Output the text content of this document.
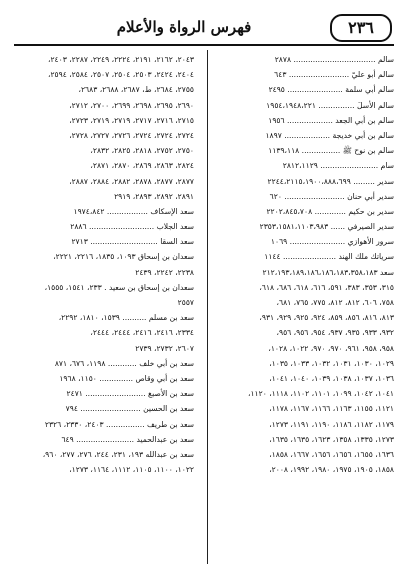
٢٣٦
فهرس الرواة والأعلام
سالم .................................. ٢٨٧٨
سالم أبو عليّ ......................... ٦٤٣
سالم أبي سلمة ....................... ٢٤٩٥
سالم الأسلَ ............... ١٩٥٤،١٩٤٨،٢٢١
سالم بن أبي الجعد ................... ١٩٥٦
سالم بن أبي خديجة ................... ١٨٩٧
سالم بن نوح ﷺ ................ ١١٣٩،١١٨
سام ........................ ٢٨١٢،١١٢٩
سدير ......... ٢٢٤٤،٢١١٥،١٩٠٠،٨٨٨،٦٩٩
سدير أبي حنان ......................... ٦٢٠
سدير بن حكيم ............. ٢٢٠٢،٨٤٥،٧٠٨
سدير الصيرفي ...... ٢٣٥٣،١٥٨١،١١٠٣،٩٨٣
سرور الأهوازي ....................... ١٠٦٩
سرياتك ملك الهند ...................... ١١٤٤
سعد ٢١٢،١٩٣،١٨٩،١٨٦،١٨٦،١٨٣،٣٥٨،١٨٣
٣١٥، ٣٥٣، ٣٨٣، ٥٩١، ٦١٦، ٦١٨، ٦٨٦، ٦١٨،
٧٥٨، ٦٠٦، ٨١٢، ٨١٢، ٧٧٥، ٧٦٥، ٦٨١،
٨١٣، ٨١٦، ٨٥٦، ٨٥٩، ٩٢٤، ٩٢٥، ٩٢٩، ٩٣١،
٩٣٢، ٩٣٣، ٩٣٥، ٩٣٧، ٩٥٤، ٩٥٦، ٩٥٦،
٩٥٨، ٩٥٨، ٩٦١، ٩٧٠، ٩٧٠، ١٠٢٢، ١٠٢٨،
١٠٢٩، ١٠٣٠، ١٠٣١، ١٠٣٢، ١٠٣٣، ١٠٣٥،
١٠٣٦، ١٠٣٧، ١٠٣٨، ١٠٣٩، ١٠٤٠، ١٠٤١،
١٠٤١، ١٠٤٢، ١٠٩٩، ١١٠١، ١١٠٢، ١١١٨، ١١٢٠،
١١٢١، ١١٥٥، ١١٦٣، ١١٦٦، ١١٦٧، ١١٧٨،
١١٧٩، ١١٨٢، ١١٨٦، ١١٩٠، ١١٩١، ١٢٧٣،
١٢٧٣، ١٣٣٥، ١٣٥٨، ١٦٢٣، ١٦٣٥، ١٦٣٥،
١٦٣٦، ١٦٥٥، ١٦٥٦، ١٦٥٦، ١٦٦٧، ١٨٥٨،
١٨٥٨، ١٩٠٥، ١٩٧٥، ١٩٨٠، ١٩٩٢، ٢٠٠٨،
٢٠٤٣، ٢١٦٢، ٢١٩١، ٢٢٢٤، ٢٢٤٩، ٢٢٨٧، ٢٤٠٣،
٢٤٠٤، ٢٤٢٤، ٢٥٠٣، ٢٥٠٤، ٢٥٠٧، ٢٥٨٤، ٢٥٩٤،
٢٧٥٥، ٢٦٨٤، ط، ٢٦٨٧، ٢٦٨٨، ٢٦٨٣،
٢٦٩٠، ٢٦٩٥، ٢٦٩٨، ٢٦٩٩، ٢٧٠٠، ٢٧١٢،
٢٧١٥، ٢٧١٦، ٢٧١٧، ٢٧١٩، ٢٧١٩، ٢٧٢٣،
٢٧٢٤، ٢٧٢٤، ٢٧٢٤، ٢٧٢٦، ٢٧٢٧، ٢٧٢٨،
٢٧٥٠، ٢٧٥٢، ٢٨١٨، ٢٨٢٥، ٢٨٣٢،
٢٨٢٤، ٢٨٦٣، ٢٨٦٩، ٢٨٧٠، ٢٨٧١،
٢٨٧٧، ٢٨٧٧، ٢٨٧٨، ٢٨٨٢، ٢٨٨٤، ٢٨٨٧،
٢٨٩١، ٢٨٩٢، ٢٨٩٣، ٢٩١٩
سعد الإسكاف ................. ١٩٧٤،٨٤٢
سعد الجلاب ........................... ٢٨٨٦
سعد السقا ............................ ٢٧١٣
سعدان بن إسحاق ١٠٩٣، ١٨٣٥، ٢٢١٦، ٢٢٢١،
٢٢٣٨، ٢٢٤٢، ٢٤٣٩
سعدان بن إسحاق بن سعيد . ٢٣٣، ١٥٤١، ١٥٥٥،
٢٥٥٧
سعد بن مسلم .......... ١٥٣٩، ١٨١٠، ٢٢٩٢،
٢٣٣٤، ٢٤١٦، ٢٤١٦، ٢٤٤٤، ٢٤٤٤،
٢٦٠٧، ٢٧٣٢، ٢٧٣٩
سعد بن أبي خلف ............ ١١٩٨، ٦٧٦، ٨٧١
سعد بن أبي وقاص .............. ١١٥٠، ١٩٦٨
سعد بن الأصبغ ......................... ٢٤٧١
سعد بن الحسين ......................... ٧٩٤
سعد بن طريف ................ ٢٤٠٣، ٢٣٣٠، ٢٣٢٦
سعد بن عبدالحميد ........................ ٦٤٩
سعد بن عبدالله ١٩٣، ٢٣١، ٢٤٤، ٢٧٦، ٢٧٧، ٩٦٠،
١٠٢٢، ١١٠٠، ١١٠٥، ١١١٢، ١١٦٤، ١٢٧٣،
